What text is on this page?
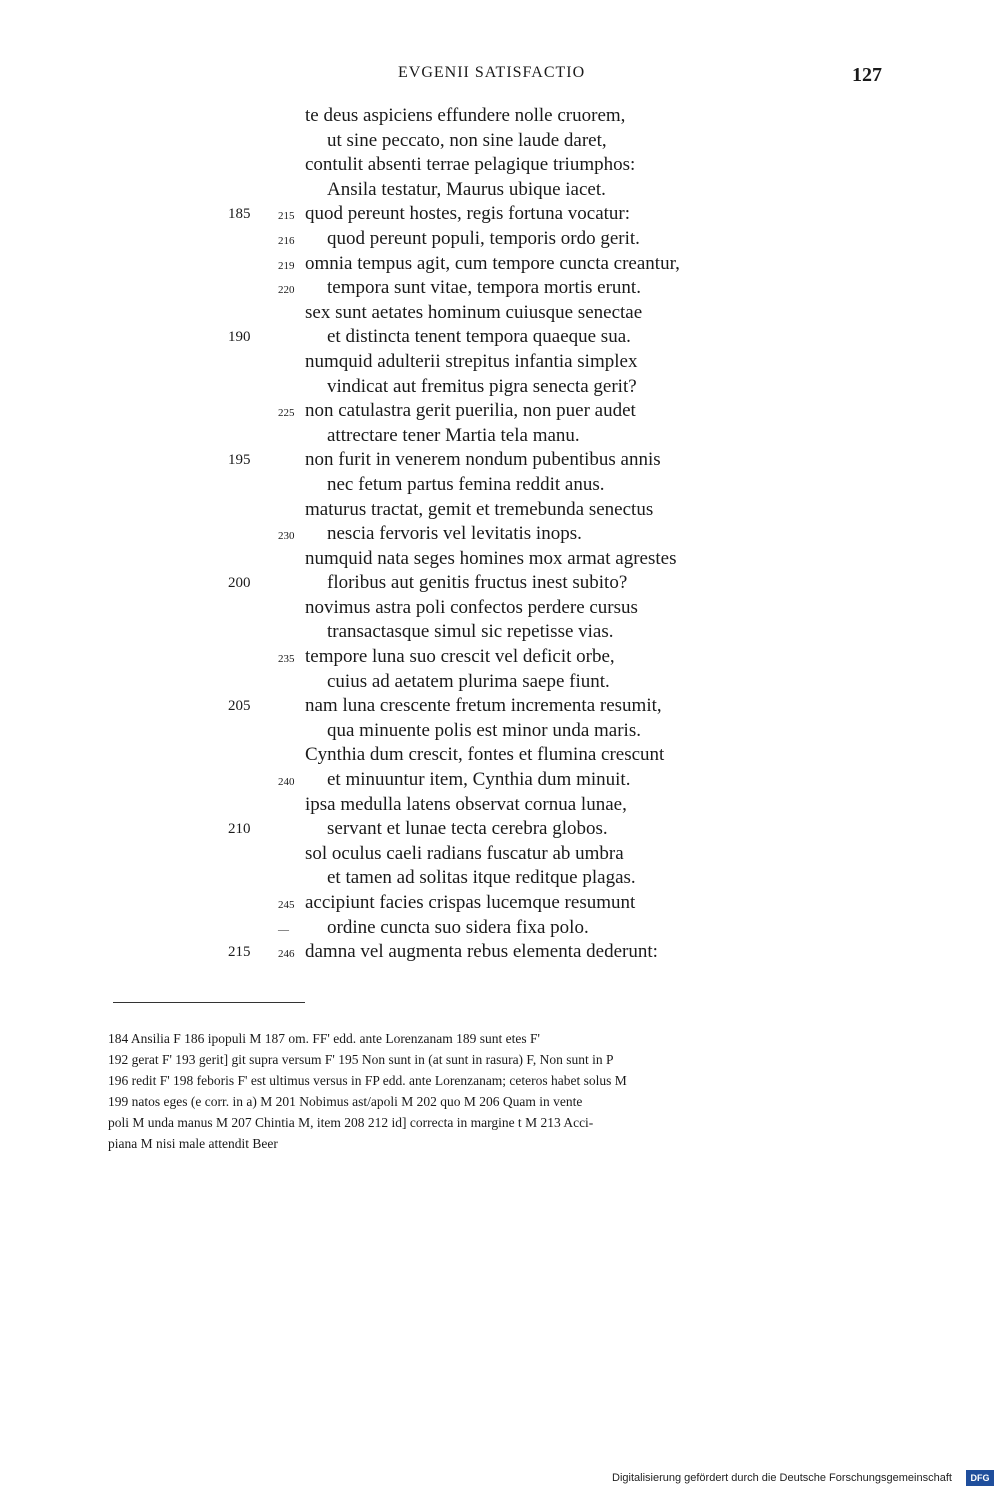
EVGENII SATISFACTIO	127
te deus aspiciens effundere nolle cruorem,
ut sine peccato, non sine laude daret,
contulit absenti terrae pelagique triumphos:
Ansila testatur, Maurus ubique iacet.
185	215 quod pereunt hostes, regis fortuna vocatur:
216 quod pereunt populi, temporis ordo gerit.
219 omnia tempus agit, cum tempore cuncta creantur,
220 tempora sunt vitae, tempora mortis erunt.
sex sunt aetates hominum cuiusque senectae
190	et distincta tenent tempora quaeque sua.
numquid adulterii strepitus infantia simplex
vindicat aut fremitus pigra senecta gerit?
225 non catulastra gerit puerilia, non puer audet
attrectare tener Martia tela manu.
195	non furit in venerem nondum pubentibus annis
nec fetum partus femina reddit anus.
maturus tractat, gemit et tremebunda senectus
230 nescia fervoris vel levitatis inops.
numquid nata seges homines mox armat agrestes
200	floribus aut genitis fructus inest subito?
novimus astra poli confectos perdere cursus
transactasque simul sic repetisse vias.
235 tempore luna suo crescit vel deficit orbe,
cuius ad aetatem plurima saepe fiunt.
205	nam luna crescente fretum incrementa resumit,
qua minuente polis est minor unda maris.
Cynthia dum crescit, fontes et flumina crescunt
240 et minuuntur item, Cynthia dum minuit.
ipsa medulla latens observat cornua lunae,
210	servant et lunae tecta cerebra globos.
sol oculus caeli radians fuscatur ab umbra
et tamen ad solitas itque reditque plagas.
245 accipiunt facies crispas lucemque resumunt
— ordine cuncta suo sidera fixa polo.
215	246 damna vel augmenta rebus elementa dederunt:

184 Ansilia F 186 ipopuli M 187 om. FF' edd. ante Lorenzanam 189 sunt etes F'

192 gerat F' 193 gerit] git supra versum F' 195 Non sunt in (at sunt in rasura) F, Non sunt in P

196 redit F' 198 feboris F' est ultimus versus in FP edd. ante Lorenzanam; ceteros habet solus M

199 natos eges (e corr. in a) M 201 Nobimus ast/apoli M 202 quo M 206 Quam in vente

poli M unda manus M 207 Chintia M, item 208 212 id] correcta in margine t M 213 Acci-

piana M nisi male attendit Beer

Digitalisierung gefördert durch die Deutsche Forschungsgemeinschaft	DFG
